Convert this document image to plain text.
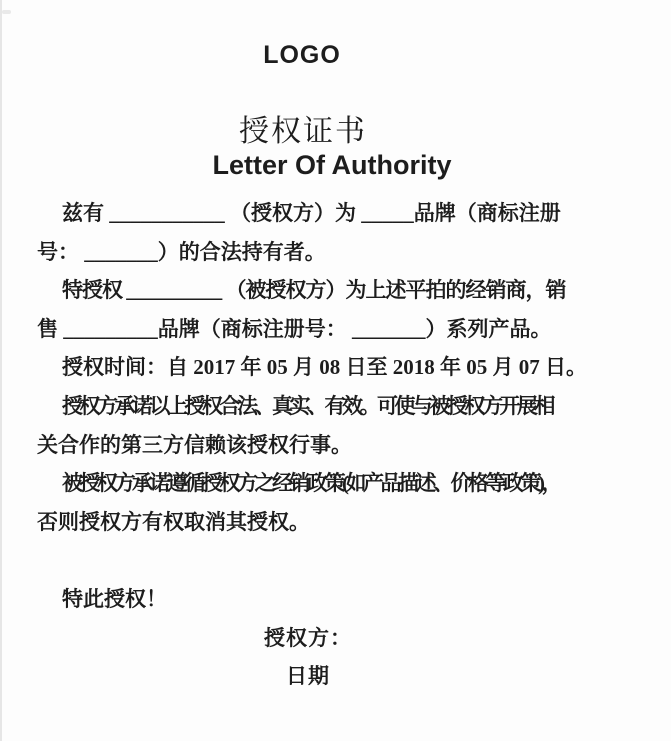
LOGO
授权证书
Letter Of Authority
兹有 ___________ （授权方）为 _____品牌（商标注册
号： _______）的合法持有者。
特授权 __________ （被授权方）为上述平拍的经销商，销
售 _________品牌（商标注册号： _______）系列产品。
授权时间：自 2017 年 05 月 08 日至 2018 年 05 月 07 日。
授权方承诺以上授权合法、真实、有效。可使与被授权方开展相
关合作的第三方信赖该授权行事。
被授权方承诺遵循授权方之经销政策(如产品描述、价格等政策)，
否则授权方有权取消其授权。
特此授权！
授权方：
日期
